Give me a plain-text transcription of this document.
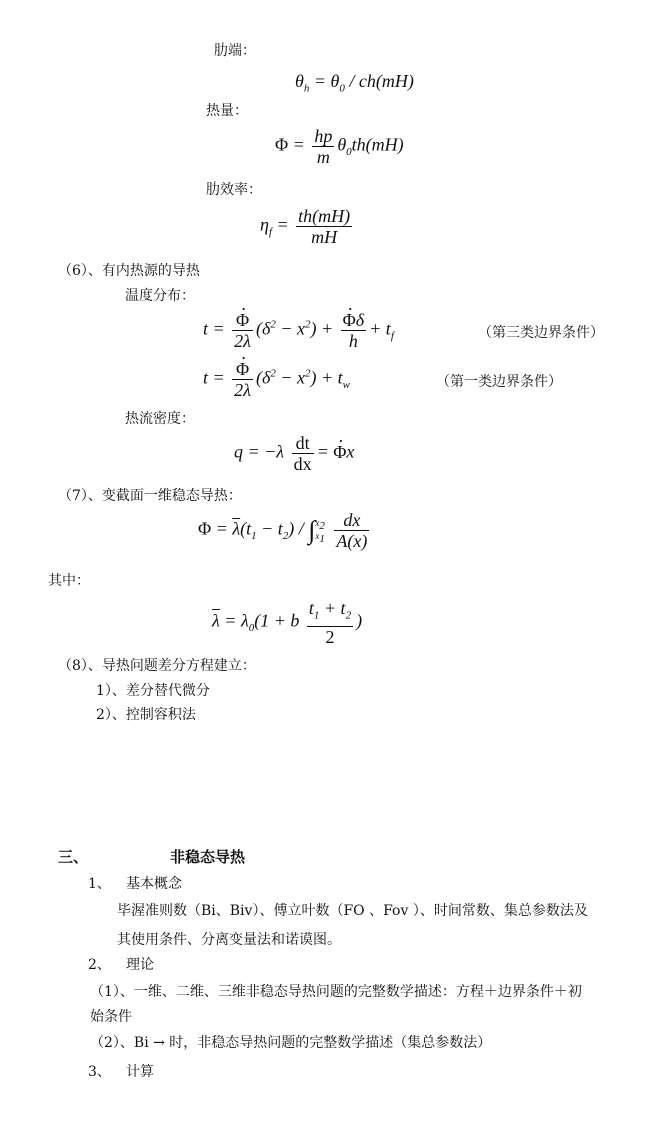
肋端：
$\theta_h = \theta_0 / ch(mH)$
热量：
$\Phi = \frac{hp}{m} \theta_0th(mH)$
肋效率：
$\eta_f = \frac{th(mH)}{mH}$
（6）、有内热源的导热
温度分布：
t = · $\frac{\Phi}{2\lambda} (\delta^2 - x^2)$ + · $\frac{\Phi\delta}{h} + t_f$	（第三类边界条件）
t = · $\frac{\Phi}{2\lambda} (\delta^2 - x^2) + t_w$	（第一类边界条件）
热流密度：
$q = -\lambda \frac{dt}{dx}$ = · Φx
（7）、变截面一维稳态导热：
$\Phi = \overline{\lambda}(t_1 - t_2) / \int x_2$
$x_1 \frac{dx}{A(x)}$
其中：
$\overline{\lambda} = \lambda_0(1 + b \frac{t_1 + t_2}{2}$ )
（8）、导热问题差分方程建立：
1）、差分替代微分
2）、控制容积法
三、	非稳态导热
1、 基本概念
毕渥准则数（Bi、Biv）、傅立叶数（FO 、Fov ）、时间常数、集总参数法及
其使用条件、分离变量法和诺谟图。
2、 理论
（1）、一维、二维、三维非稳态导热问题的完整数学描述：方程＋边界条件＋初
始条件
（2）、Bi → 时，非稳态导热问题的完整数学描述（集总参数法）
3、 计算
